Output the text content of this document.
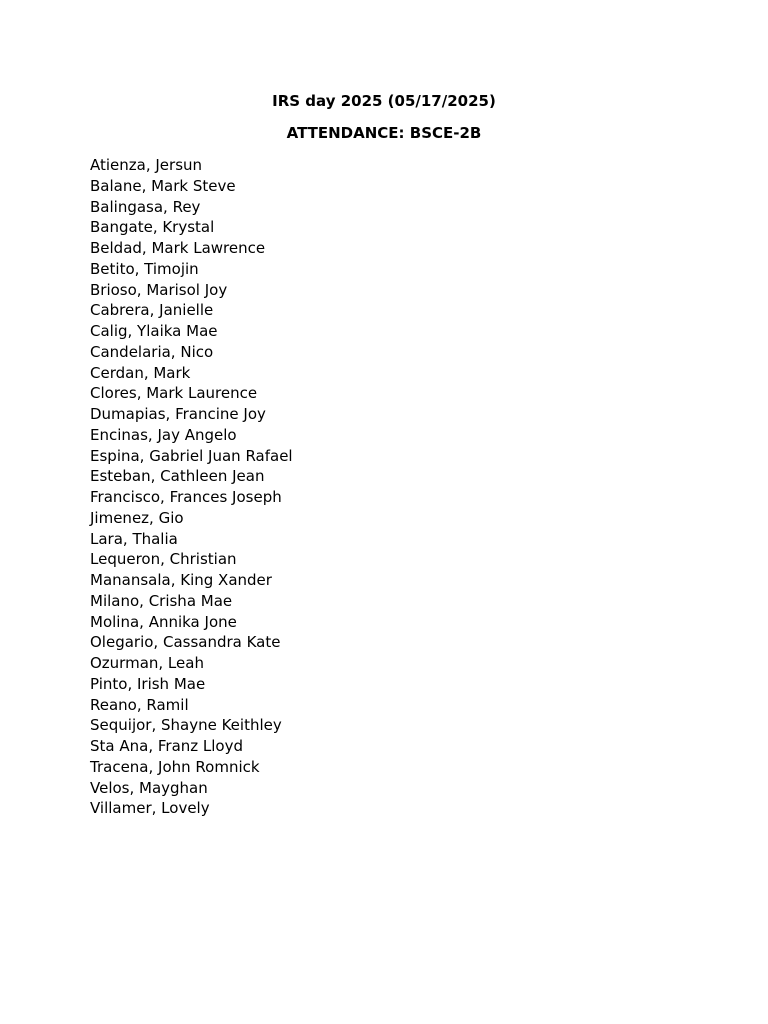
IRS day 2025 (05/17/2025)
ATTENDANCE: BSCE-2B
Atienza, Jersun
Balane, Mark Steve
Balingasa, Rey
Bangate, Krystal
Beldad, Mark Lawrence
Betito, Timojin
Brioso, Marisol Joy
Cabrera, Janielle
Calig, Ylaika Mae
Candelaria, Nico
Cerdan, Mark
Clores, Mark Laurence
Dumapias, Francine Joy
Encinas, Jay Angelo
Espina, Gabriel Juan Rafael
Esteban, Cathleen Jean
Francisco, Frances Joseph
Jimenez, Gio
Lara, Thalia
Lequeron, Christian
Manansala, King Xander
Milano, Crisha Mae
Molina, Annika Jone
Olegario, Cassandra Kate
Ozurman, Leah
Pinto, Irish Mae
Reano, Ramil
Sequijor, Shayne Keithley
Sta Ana, Franz Lloyd
Tracena, John Romnick
Velos, Mayghan
Villamer, Lovely
